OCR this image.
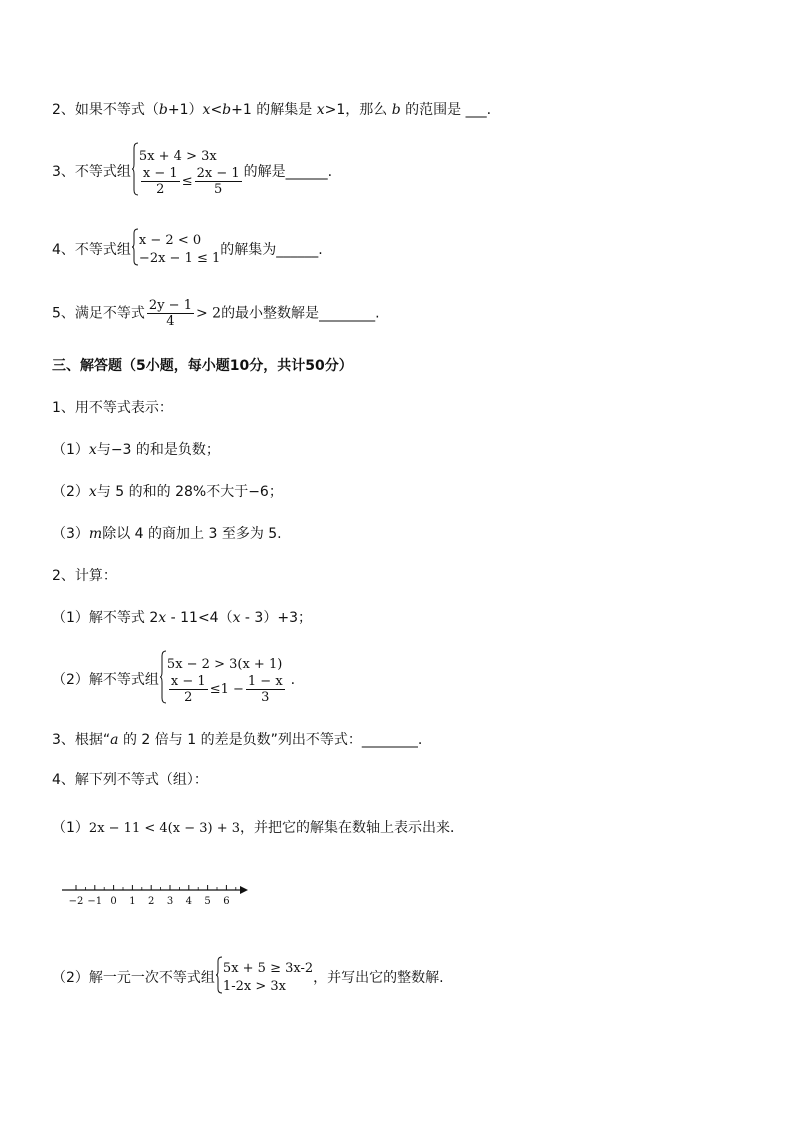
2、如果不等式（b+1）x<b+1 的解集是 x>1，那么 b 的范围是 ___.
3、不等式组
5x + 4 > 3x
$\frac{x - 1}{2} \le \frac{2x - 1}{5}$ 的解是______.
4、不等式组
x − 2 < 0
−2x − 1 ≤ 1
的解集为______.
5、满足不等式 $\frac{2y - 1}{4} > 2$的最小整数解是________.
三、解答题（5小题，每小题10分，共计50分）
1、用不等式表示：
（1）x与−3 的和是负数；
（2）x与 5 的和的 28%不大于−6；
（3）m除以 4 的商加上 3 至多为 5.
2、计算：
（1）解不等式 2x - 11<4（x - 3）+3；
（2）解不等式组
5x − 2 > 3(x + 1)
$\frac{x - 1}{2} \le 1 - \frac{1 - x}{3}$ .
3、根据“a 的 2 倍与 1 的差是负数”列出不等式：________.
4、解下列不等式（组）：
（1）2x − 11 < 4(x − 3) + 3，并把它的解集在数轴上表示出来．
−2 −1 0 1 2 3 4 5 6
（2）解一元一次不等式组
5x + 5 ≥ 3x-2
1-2x > 3x
，并写出它的整数解.
